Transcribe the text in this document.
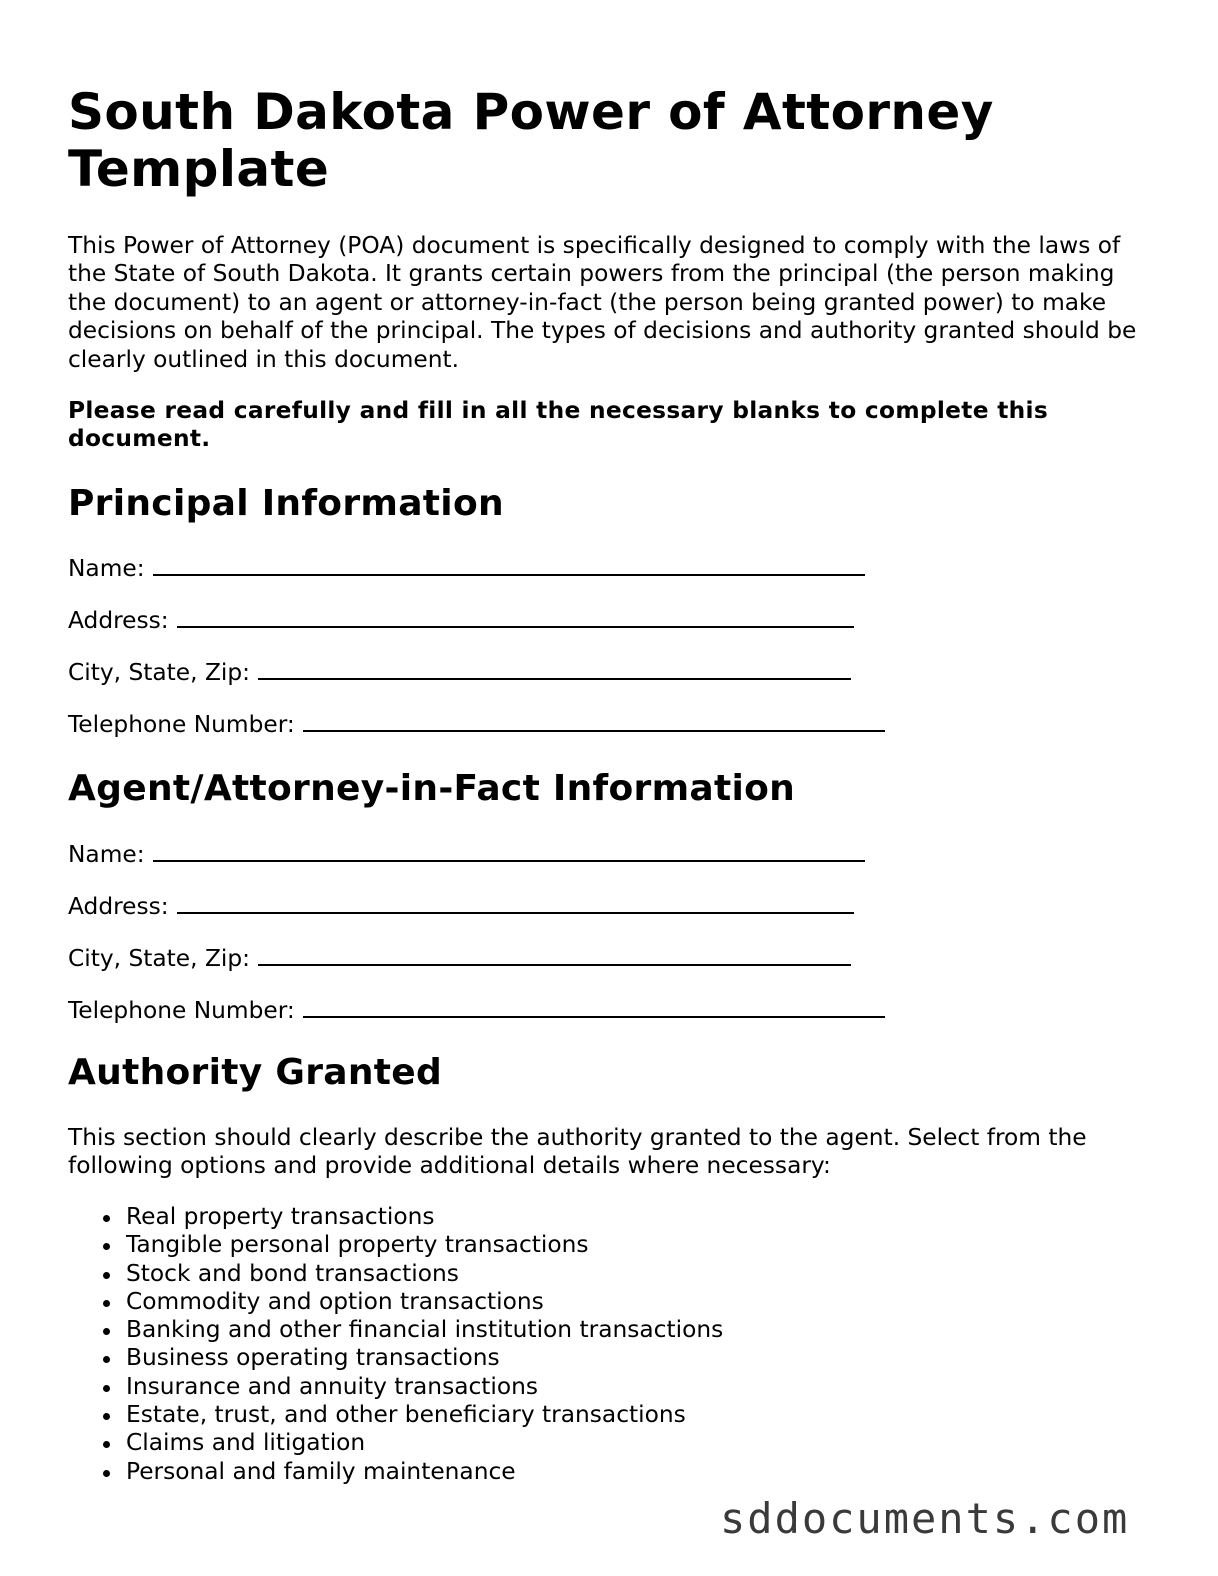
South Dakota Power of Attorney Template

This Power of Attorney (POA) document is specifically designed to comply with the laws of the State of South Dakota. It grants certain powers from the principal (the person making the document) to an agent or attorney-in-fact (the person being granted power) to make decisions on behalf of the principal. The types of decisions and authority granted should be clearly outlined in this document.

Please read carefully and fill in all the necessary blanks to complete this document.

Principal Information

Name:

Address:

City, State, Zip:

Telephone Number:

Agent/Attorney-in-Fact Information

Name:

Address:

City, State, Zip:

Telephone Number:

Authority Granted

This section should clearly describe the authority granted to the agent. Select from the following options and provide additional details where necessary:

Real property transactions
Tangible personal property transactions
Stock and bond transactions
Commodity and option transactions
Banking and other financial institution transactions
Business operating transactions
Insurance and annuity transactions
Estate, trust, and other beneficiary transactions
Claims and litigation
Personal and family maintenance
sddocuments.com
